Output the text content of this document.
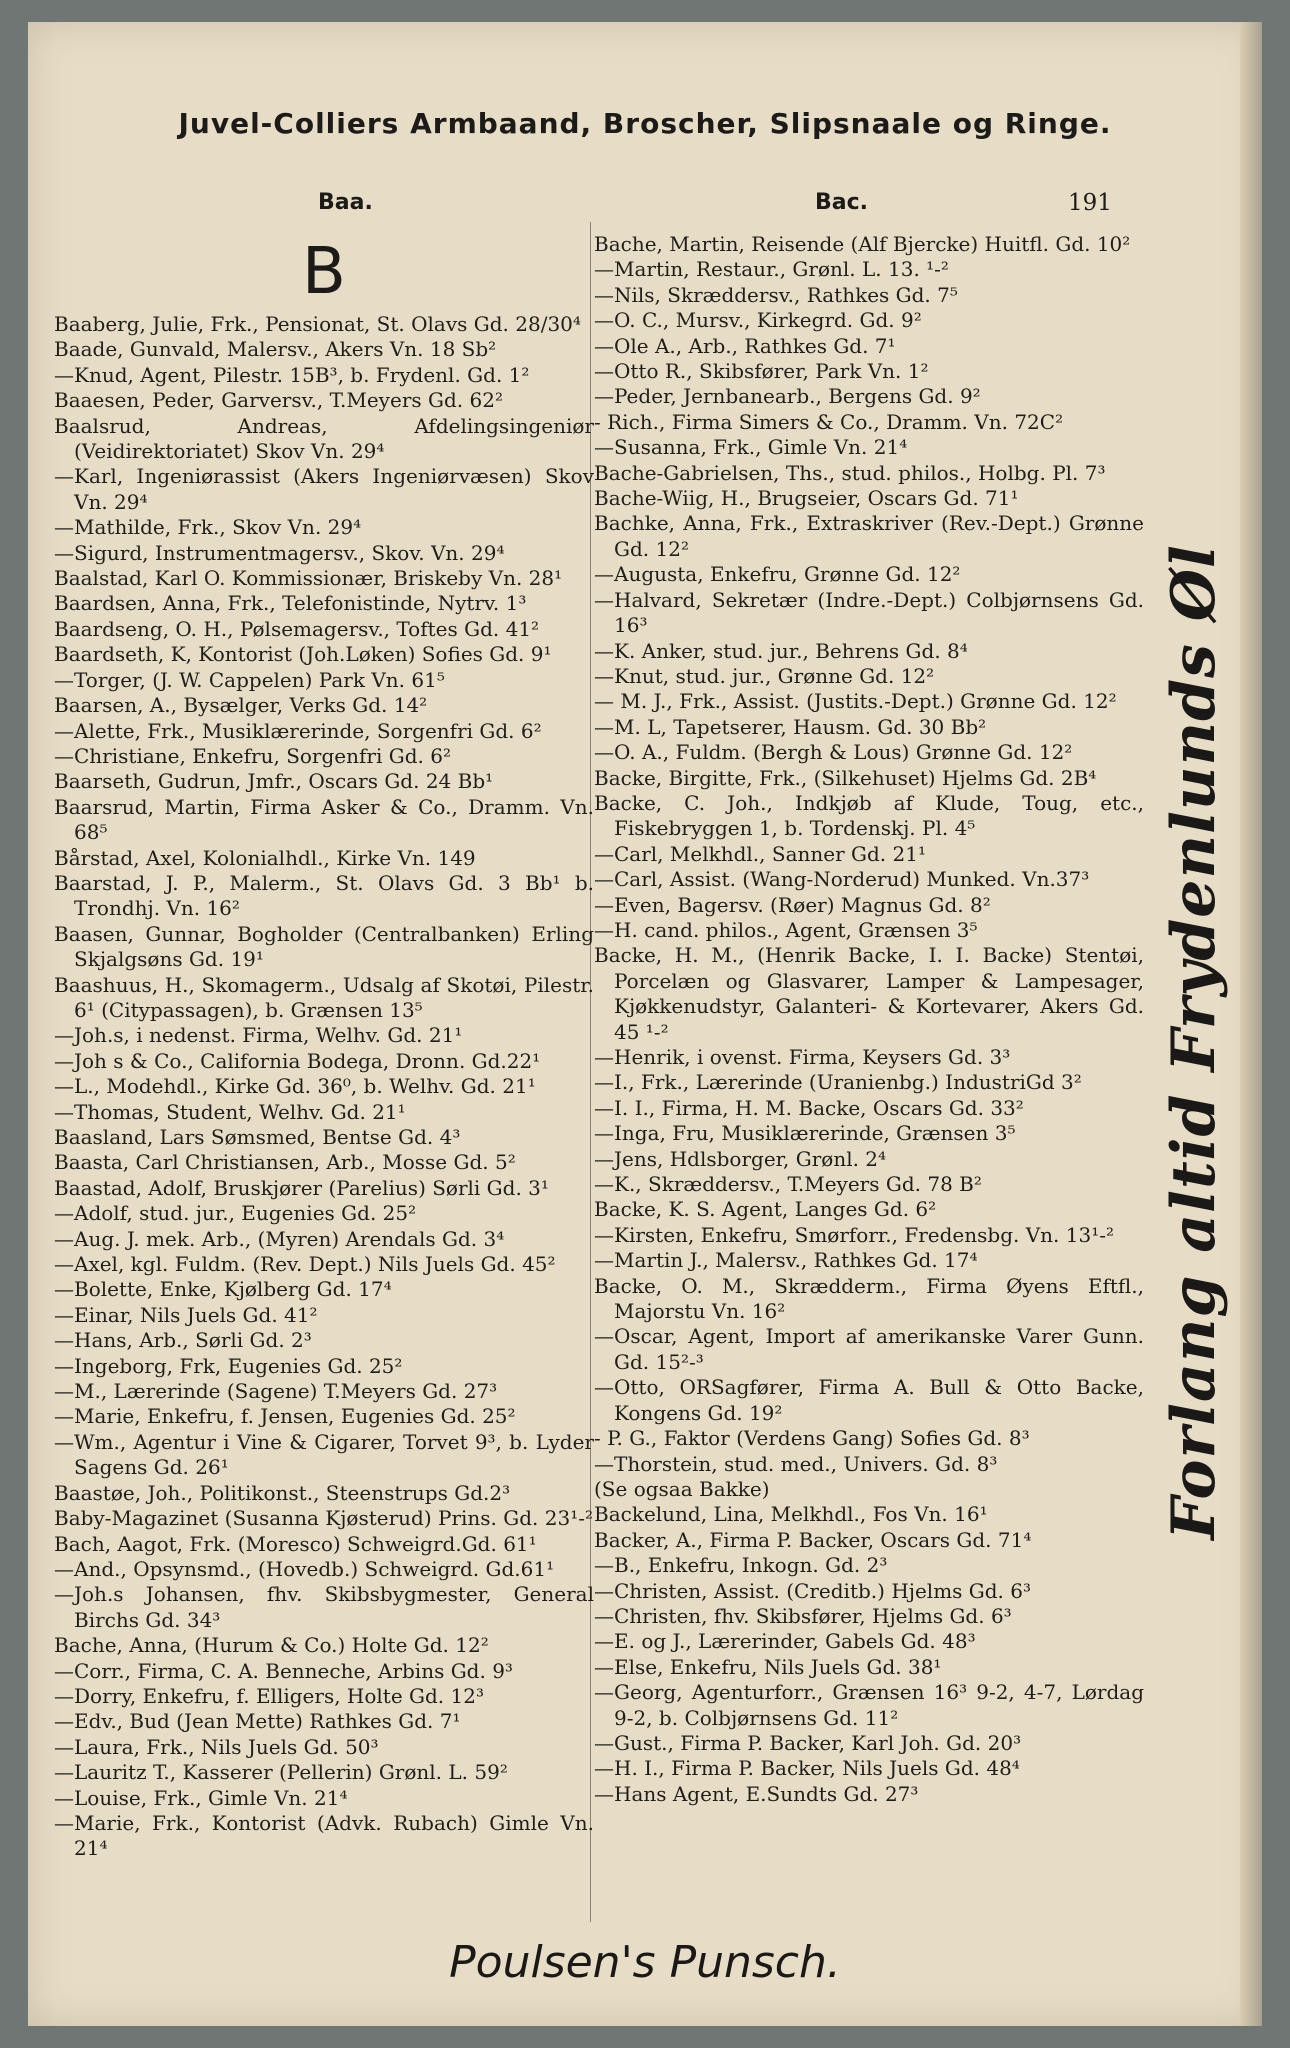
Juvel-Colliers Armbaand, Broscher, Slipsnaale og Ringe.
Baa.	Bac.	191

B

Baaberg, Julie, Frk., Pensionat, St. Olavs Gd. 28/30⁴

Baade, Gunvald, Malersv., Akers Vn. 18 Sb²

—Knud, Agent, Pilestr. 15B³, b. Frydenl. Gd. 1²

Baaesen, Peder, Garversv., T.Meyers Gd. 62²

Baalsrud, Andreas, Afdelingsingeniør (Veidirektoriatet) Skov Vn. 29⁴

—Karl, Ingeniørassist (Akers Ingeniørvæsen) Skov Vn. 29⁴

—Mathilde, Frk., Skov Vn. 29⁴

—Sigurd, Instrumentmagersv., Skov. Vn. 29⁴

Baalstad, Karl O. Kommissionær, Briskeby Vn. 28¹

Baardsen, Anna, Frk., Telefonistinde, Nytrv. 1³

Baardseng, O. H., Pølsemagersv., Toftes Gd. 41²

Baardseth, K, Kontorist (Joh.Løken) Sofies Gd. 9¹

—Torger, (J. W. Cappelen) Park Vn. 61⁵

Baarsen, A., Bysælger, Verks Gd. 14²

—Alette, Frk., Musiklærerinde, Sorgenfri Gd. 6²

—Christiane, Enkefru, Sorgenfri Gd. 6²

Baarseth, Gudrun, Jmfr., Oscars Gd. 24 Bb¹

Baarsrud, Martin, Firma Asker & Co., Dramm. Vn. 68⁵

Bårstad, Axel, Kolonialhdl., Kirke Vn. 149

Baarstad, J. P., Malerm., St. Olavs Gd. 3 Bb¹ b. Trondhj. Vn. 16²

Baasen, Gunnar, Bogholder (Centralbanken) Erling Skjalgsøns Gd. 19¹

Baashuus, H., Skomagerm., Udsalg af Skotøi, Pilestr. 6¹ (Citypassagen), b. Grænsen 13⁵

—Joh.s, i nedenst. Firma, Welhv. Gd. 21¹

—Joh s & Co., California Bodega, Dronn. Gd.22¹

—L., Modehdl., Kirke Gd. 36⁰, b. Welhv. Gd. 21¹

—Thomas, Student, Welhv. Gd. 21¹

Baasland, Lars Sømsmed, Bentse Gd. 4³

Baasta, Carl Christiansen, Arb., Mosse Gd. 5²

Baastad, Adolf, Bruskjører (Parelius) Sørli Gd. 3¹

—Adolf, stud. jur., Eugenies Gd. 25²

—Aug. J. mek. Arb., (Myren) Arendals Gd. 3⁴

—Axel, kgl. Fuldm. (Rev. Dept.) Nils Juels Gd. 45²

—Bolette, Enke, Kjølberg Gd. 17⁴

—Einar, Nils Juels Gd. 41²

—Hans, Arb., Sørli Gd. 2³

—Ingeborg, Frk, Eugenies Gd. 25²

—M., Lærerinde (Sagene) T.Meyers Gd. 27³

—Marie, Enkefru, f. Jensen, Eugenies Gd. 25²

—Wm., Agentur i Vine & Cigarer, Torvet 9³, b. Lyder Sagens Gd. 26¹

Baastøe, Joh., Politikonst., Steenstrups Gd.2³

Baby-Magazinet (Susanna Kjøsterud) Prins. Gd. 23¹-²

Bach, Aagot, Frk. (Moresco) Schweigrd.Gd. 61¹

—And., Opsynsmd., (Hovedb.) Schweigrd. Gd.61¹

—Joh.s Johansen, fhv. Skibsbygmester, General Birchs Gd. 34³

Bache, Anna, (Hurum & Co.) Holte Gd. 12²

—Corr., Firma, C. A. Benneche, Arbins Gd. 9³

—Dorry, Enkefru, f. Elligers, Holte Gd. 12³

—Edv., Bud (Jean Mette) Rathkes Gd. 7¹

—Laura, Frk., Nils Juels Gd. 50³

—Lauritz T., Kasserer (Pellerin) Grønl. L. 59²

—Louise, Frk., Gimle Vn. 21⁴

—Marie, Frk., Kontorist (Advk. Rubach) Gimle Vn. 21⁴

Bache, Martin, Reisende (Alf Bjercke) Huitfl. Gd. 10²

—Martin, Restaur., Grønl. L. 13. ¹-²

—Nils, Skræddersv., Rathkes Gd. 7⁵

—O. C., Mursv., Kirkegrd. Gd. 9²

—Ole A., Arb., Rathkes Gd. 7¹

—Otto R., Skibsfører, Park Vn. 1²

—Peder, Jernbanearb., Bergens Gd. 9²

- Rich., Firma Simers & Co., Dramm. Vn. 72C²

—Susanna, Frk., Gimle Vn. 21⁴

Bache-Gabrielsen, Ths., stud. philos., Holbg. Pl. 7³

Bache-Wiig, H., Brugseier, Oscars Gd. 71¹

Bachke, Anna, Frk., Extraskriver (Rev.-Dept.) Grønne Gd. 12²

—Augusta, Enkefru, Grønne Gd. 12²

—Halvard, Sekretær (Indre.-Dept.) Colbjørnsens Gd. 16³

—K. Anker, stud. jur., Behrens Gd. 8⁴

—Knut, stud. jur., Grønne Gd. 12²

— M. J., Frk., Assist. (Justits.-Dept.) Grønne Gd. 12²

—M. L, Tapetserer, Hausm. Gd. 30 Bb²

—O. A., Fuldm. (Bergh & Lous) Grønne Gd. 12²

Backe, Birgitte, Frk., (Silkehuset) Hjelms Gd. 2B⁴

Backe, C. Joh., Indkjøb af Klude, Toug, etc., Fiskebryggen 1, b. Tordenskj. Pl. 4⁵

—Carl, Melkhdl., Sanner Gd. 21¹

—Carl, Assist. (Wang-Norderud) Munked. Vn.37³

—Even, Bagersv. (Røer) Magnus Gd. 8²

—H. cand. philos., Agent, Grænsen 3⁵

Backe, H. M., (Henrik Backe, I. I. Backe) Stentøi, Porcelæn og Glasvarer, Lamper & Lampesager, Kjøkkenudstyr, Galanteri- & Kortevarer, Akers Gd. 45 ¹-²

—Henrik, i ovenst. Firma, Keysers Gd. 3³

—I., Frk., Lærerinde (Uranienbg.) IndustriGd 3²

—I. I., Firma, H. M. Backe, Oscars Gd. 33²

—Inga, Fru, Musiklærerinde, Grænsen 3⁵

—Jens, Hdlsborger, Grønl. 2⁴

—K., Skræddersv., T.Meyers Gd. 78 B²

Backe, K. S. Agent, Langes Gd. 6²

—Kirsten, Enkefru, Smørforr., Fredensbg. Vn. 13¹-²

—Martin J., Malersv., Rathkes Gd. 17⁴

Backe, O. M., Skrædderm., Firma Øyens Eftfl., Majorstu Vn. 16²

—Oscar, Agent, Import af amerikanske Varer Gunn. Gd. 15²-³

—Otto, ORSagfører, Firma A. Bull & Otto Backe, Kongens Gd. 19²

- P. G., Faktor (Verdens Gang) Sofies Gd. 8³

—Thorstein, stud. med., Univers. Gd. 8³

(Se ogsaa Bakke)

Backelund, Lina, Melkhdl., Fos Vn. 16¹

Backer, A., Firma P. Backer, Oscars Gd. 71⁴

—B., Enkefru, Inkogn. Gd. 2³

—Christen, Assist. (Creditb.) Hjelms Gd. 6³

—Christen, fhv. Skibsfører, Hjelms Gd. 6³

—E. og J., Lærerinder, Gabels Gd. 48³

—Else, Enkefru, Nils Juels Gd. 38¹

—Georg, Agenturforr., Grænsen 16³ 9-2, 4-7, Lørdag 9-2, b. Colbjørnsens Gd. 11²

—Gust., Firma P. Backer, Karl Joh. Gd. 20³

—H. I., Firma P. Backer, Nils Juels Gd. 48⁴

—Hans Agent, E.Sundts Gd. 27³

Forlang altid Frydenlunds Øl
Poulsen's Punsch.
